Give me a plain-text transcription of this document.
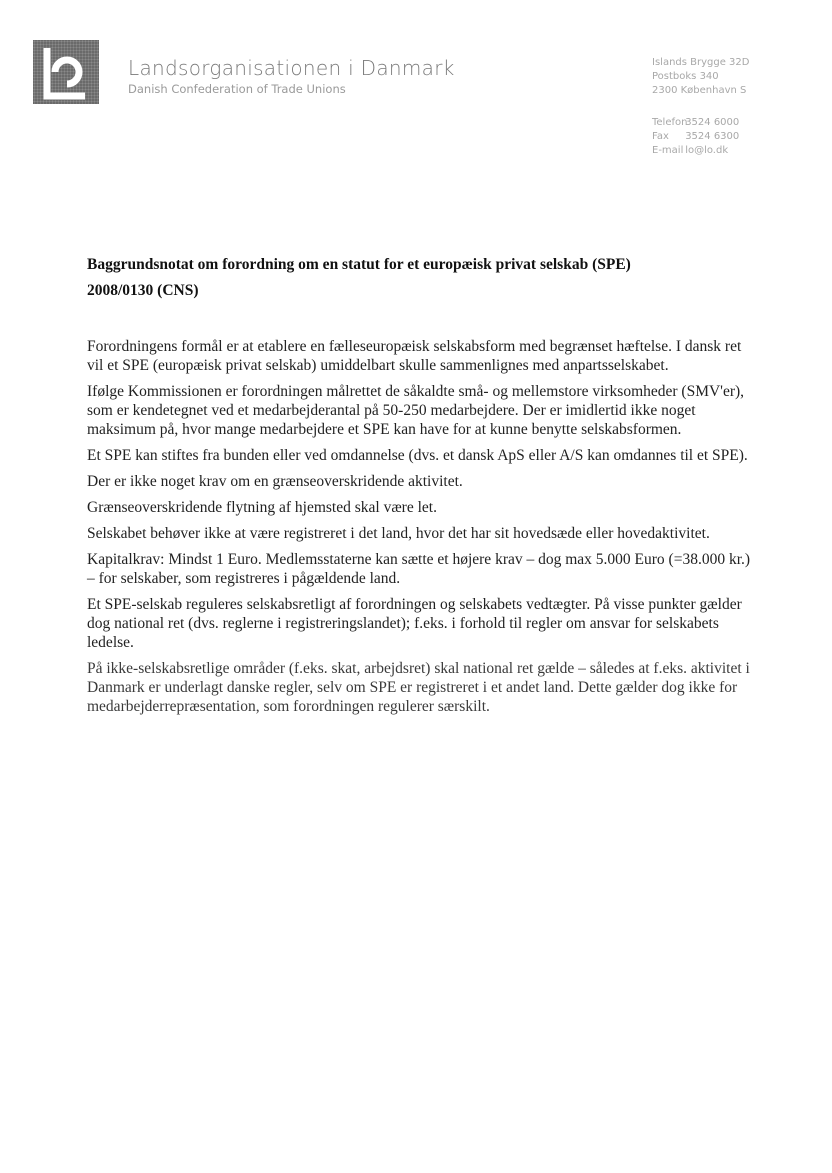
Landsorganisationen i Danmark
Danish Confederation of Trade Unions
Islands Brygge 32D
Postboks 340
2300 København S
Telefon 3524 6000
Fax 3524 6300
E-mail lo@lo.dk
Baggrundsnotat om forordning om en statut for et europæisk privat selskab (SPE)
2008/0130 (CNS)

Forordningens formål er at etablere en fælleseuropæisk selskabsform med begrænset hæftelse. I dansk ret vil et SPE (europæisk privat selskab) umiddelbart skulle sammenlignes med anpartsselskabet.

Ifølge Kommissionen er forordningen målrettet de såkaldte små- og mellemstore virksomheder (SMV'er), som er kendetegnet ved et medarbejderantal på 50-250 medarbejdere. Der er imidlertid ikke noget maksimum på, hvor mange medarbejdere et SPE kan have for at kunne benytte selskabsformen.

Et SPE kan stiftes fra bunden eller ved omdannelse (dvs. et dansk ApS eller A/S kan omdannes til et SPE).

Der er ikke noget krav om en grænseoverskridende aktivitet.

Grænseoverskridende flytning af hjemsted skal være let.

Selskabet behøver ikke at være registreret i det land, hvor det har sit hovedsæde eller hovedaktivitet.

Kapitalkrav: Mindst 1 Euro. Medlemsstaterne kan sætte et højere krav – dog max 5.000 Euro (=38.000 kr.) – for selskaber, som registreres i pågældende land.

Et SPE-selskab reguleres selskabsretligt af forordningen og selskabets vedtægter. På visse punkter gælder dog national ret (dvs. reglerne i registreringslandet); f.eks. i forhold til regler om ansvar for selskabets ledelse.

På ikke-selskabsretlige områder (f.eks. skat, arbejdsret) skal national ret gælde – således at f.eks. aktivitet i Danmark er underlagt danske regler, selv om SPE er registreret i et andet land. Dette gælder dog ikke for medarbejderrepræsentation, som forordningen regulerer særskilt.
